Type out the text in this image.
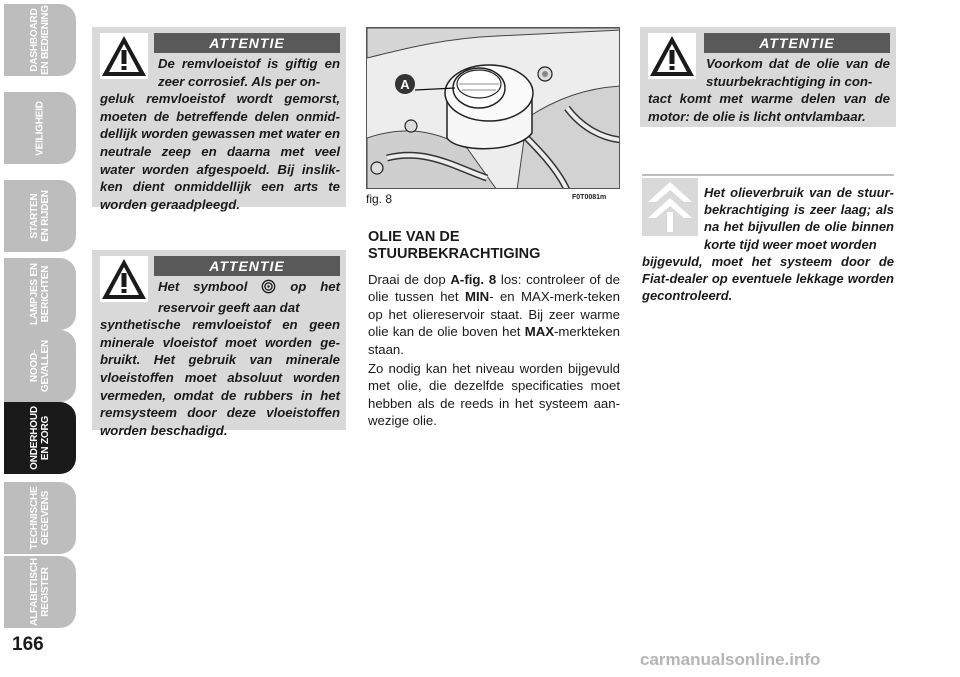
DASHBOARD
EN BEDIENING
VEILIGHEID
STARTEN
EN RIJDEN
LAMPJES EN
BERICHTEN
NOOD-
GEVALLEN
ONDERHOUD
EN ZORG
TECHNISCHE
GEGEVENS
ALFABETISCH
REGISTER
166
ATTENTIE
De remvloeistof is giftig en zeer corrosief. Als per on-
geluk remvloeistof wordt gemorst, moeten de betreffende delen onmid-dellijk worden gewassen met water en neutrale zeep en daarna met veel water worden afgespoeld. Bij inslik-ken dient onmiddellijk een arts te worden geraadpleegd.
ATTENTIE
Het symbool	op het reservoir geeft aan dat
synthetische remvloeistof en geen minerale vloeistof moet worden ge-bruikt. Het gebruik van minerale vloeistoffen moet absoluut worden vermeden, omdat de rubbers in het remsysteem door deze vloeistoffen worden beschadigd.
A
fig. 8	F0T0081m
OLIE VAN DE STUURBEKRACHTIGING
Draai de dop A-fig. 8 los: controleer of de olie tussen het MIN- en MAX-merk-teken op het oliereservoir staat. Bij zeer warme olie kan de olie boven het MAX-merkteken staan.
Zo nodig kan het niveau worden bijgevuld met olie, die dezelfde specificaties moet hebben als de reeds in het systeem aan-wezige olie.
ATTENTIE
Voorkom dat de olie van de stuurbekrachtiging in con-
tact komt met warme delen van de motor: de olie is licht ontvlambaar.
Het olieverbruik van de stuur-bekrachtiging is zeer laag; als na het bijvullen de olie binnen korte tijd weer moet worden
bijgevuld, moet het systeem door de Fiat-dealer op eventuele lekkage worden gecontroleerd.
carmanualsonline.info
